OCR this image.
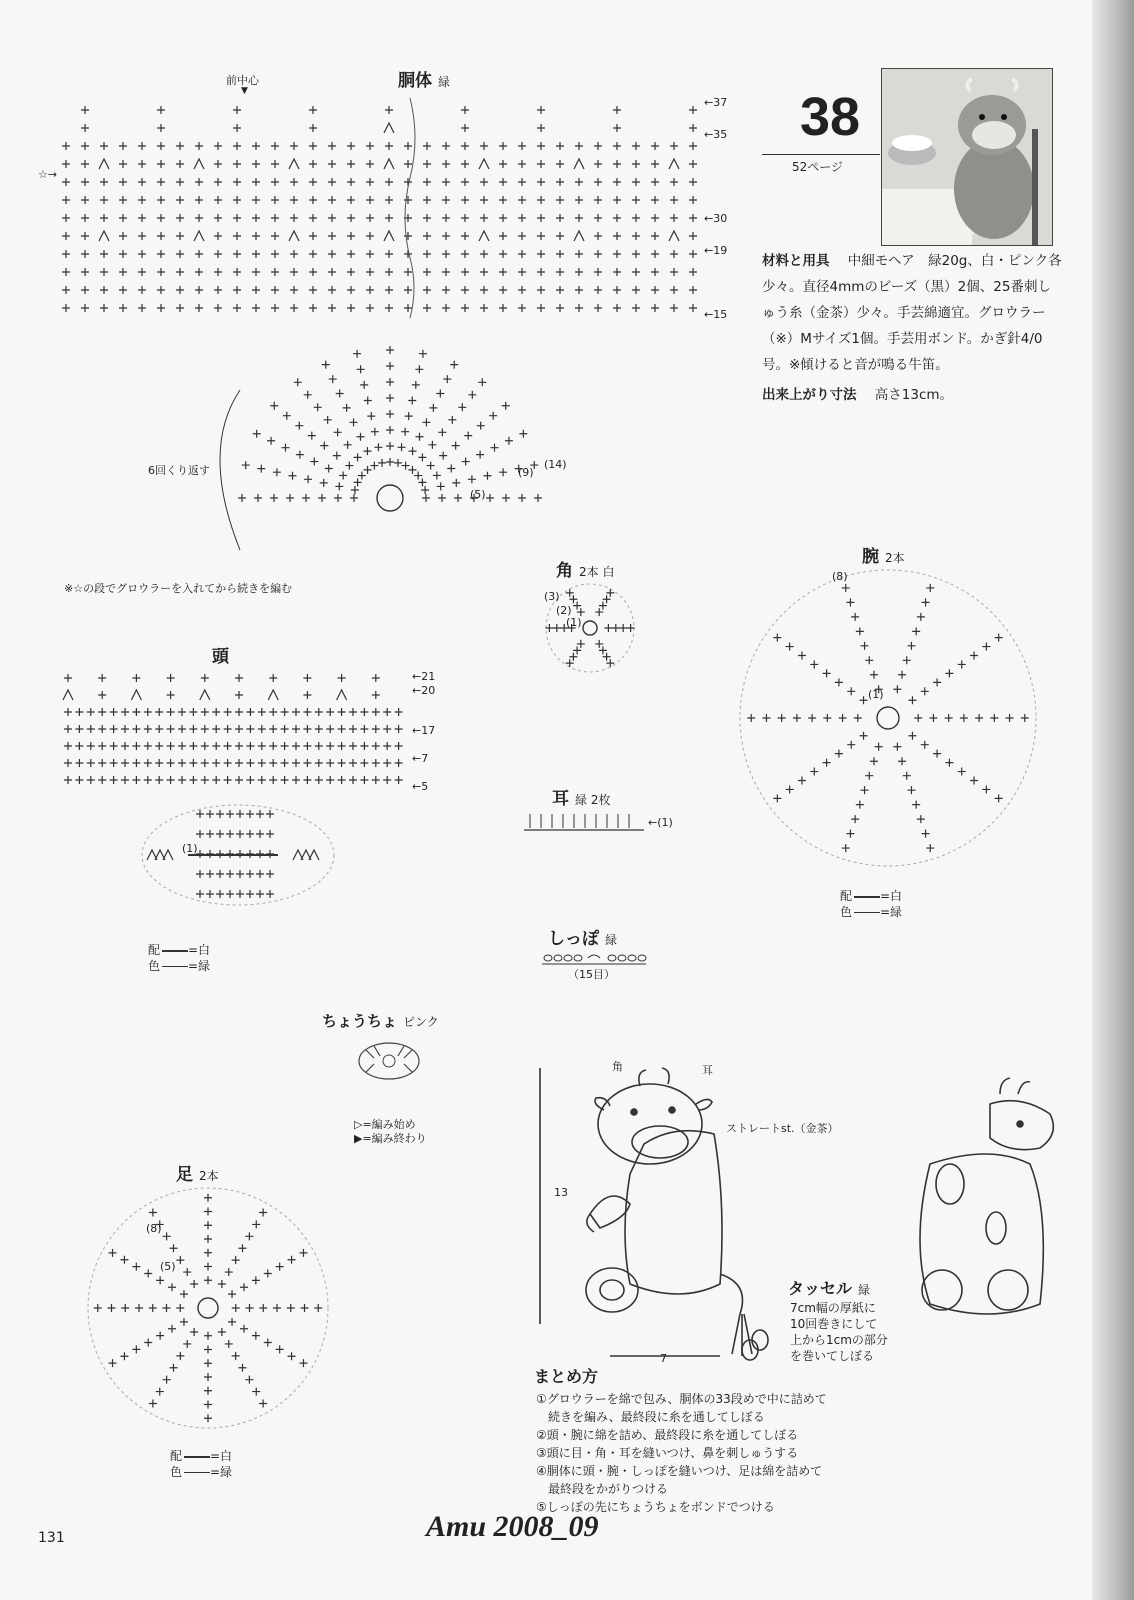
前中心
▼	胴体 緑
☆→
←37
←35
←30
←19
←15
6回くり返す
(5)
(9)
(14)
※☆の段でグロウラーを入れてから続きを編む
38
52ページ
材料と用具 中細モヘア　緑20g、白・ピンク各少々。直径4mmのビーズ（黒）2個、25番刺しゅう糸（金茶）少々。手芸綿適宜。グロウラー（※）Mサイズ1個。手芸用ボンド。かぎ針4/0号。※傾けると音が鳴る牛笛。
出来上がり寸法 高さ13cm。
角 2本 白
(3)
(2)
(1)
腕 2本
(8)
(1)
配色
=白
=緑
頭
←21
←20
←17
←7
←5
(1)
配色
=白
=緑
耳 緑 2枚
←(1)
しっぽ 緑
（15目）
ちょうちょ ピンク
▷=編み始め
▶=編み終わり
足 2本
(8)
(5)
配色
=白
=緑
角	耳
ストレートst.（金茶）
13
7
タッセル 緑
7cm幅の厚紙に
10回巻きにして
上から1cmの部分
を巻いてしぼる
まとめ方
①グロウラーを綿で包み、胴体の33段めで中に詰めて
　続きを編み、最終段に糸を通してしぼる
②頭・腕に綿を詰め、最終段に糸を通してしぼる
③頭に目・角・耳を縫いつけ、鼻を刺しゅうする
④胴体に頭・腕・しっぽを縫いつけ、足は綿を詰めて
　最終段をかがりつける
⑤しっぽの先にちょうちょをボンドでつける
131	Amu 2008_09
